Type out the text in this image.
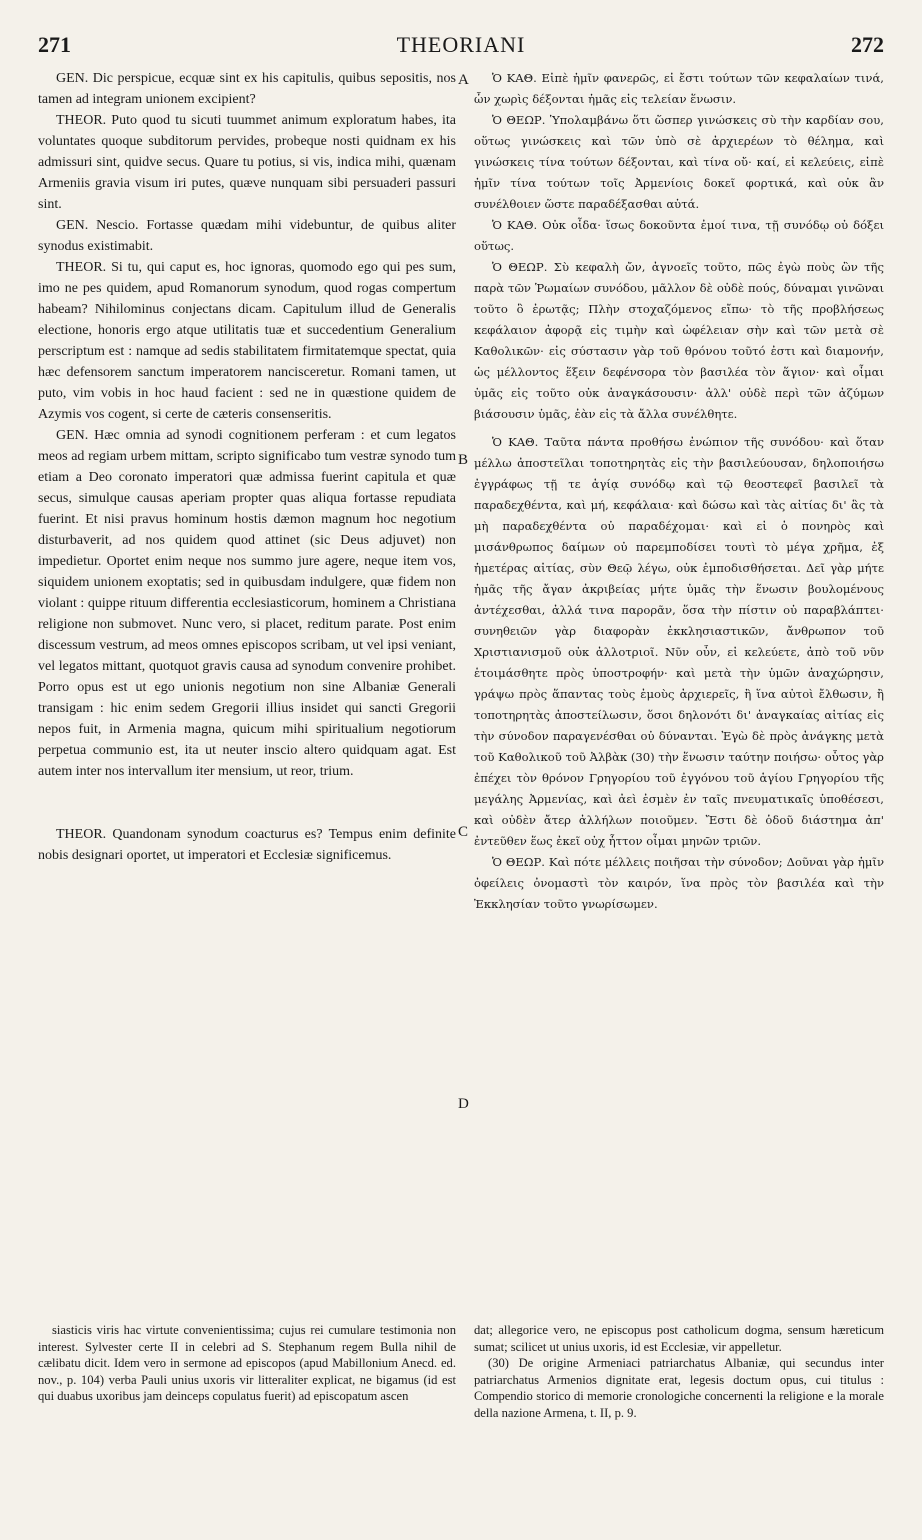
271	THEORIANI	272

GEN. Dic perspicue, ecquæ sint ex his capitulis, quibus sepositis, nos tamen ad integram unionem excipient?

THEOR. Puto quod tu sicuti tuummet animum exploratum habes, ita voluntates quoque subditorum pervides, probeque nosti quidnam ex his admissuri sint, quidve secus. Quare tu potius, si vis, indica mihi, quænam Armeniis gravia visum iri putes, quæve nunquam sibi persuaderi passuri sint.

GEN. Nescio. Fortasse quædam mihi videbuntur, de quibus aliter synodus existimabit.

THEOR. Si tu, qui caput es, hoc ignoras, quomodo ego qui pes sum, imo ne pes quidem, apud Romanorum synodum, quod rogas compertum habeam? Nihilominus conjectans dicam. Capitulum illud de Generalis electione, honoris ergo atque utilitatis tuæ et succedentium Generalium perscriptum est : namque ad sedis stabilitatem firmitatemque spectat, quia hæc defensorem sanctum imperatorem nancisceretur. Romani tamen, ut puto, vim vobis in hoc haud facient : sed ne in quæstione quidem de Azymis vos cogent, si certe de cæteris consenseritis.

GEN. Hæc omnia ad synodi cognitionem perferam : et cum legatos meos ad regiam urbem mittam, scripto significabo tum vestræ synodo tum etiam a Deo coronato imperatori quæ admissa fuerint capitula et quæ secus, simulque causas aperiam propter quas aliqua fortasse repudiata fuerint. Et nisi pravus hominum hostis dæmon magnum hoc negotium disturbaverit, ad nos quidem quod attinet (sic Deus adjuvet) non impedietur. Oportet enim neque nos summo jure agere, neque item vos, siquidem unionem exoptatis; sed in quibusdam indulgere, quæ fidem non violant : quippe rituum differentia ecclesiasticorum, hominem a Christiana religione non submovet. Nunc vero, si placet, reditum parate. Post enim discessum vestrum, ad meos omnes episcopos scribam, ut vel ipsi veniant, vel legatos mittant, quotquot gravis causa ad synodum convenire prohibet. Porro opus est ut ego unionis negotium non sine Albaniæ Generali transigam : hic enim sedem Gregorii illius insidet qui sancti Gregorii nepos fuit, in Armenia magna, quicum mihi spiritualium negotiorum perpetua communio est, ita ut neuter inscio altero quidquam agat. Est autem inter nos intervallum iter mensium, ut reor, trium.

THEOR. Quandonam synodum coacturus es? Tempus enim definite nobis designari oportet, ut imperatori et Ecclesiæ significemus.

A
B
C
D

Ὁ ΚΑΘ. Εἰπὲ ἡμῖν φανερῶς, εἰ ἔστι τούτων τῶν κεφαλαίων τινά, ὧν χωρὶς δέξονται ἡμᾶς εἰς τελείαν ἕνωσιν.

Ὁ ΘΕΩΡ. Ὑπολαμβάνω ὅτι ὥσπερ γινώσκεις σὺ τὴν καρδίαν σου, οὕτως γινώσκεις καὶ τῶν ὑπὸ σὲ ἀρχιερέων τὸ θέλημα, καὶ γινώσκεις τίνα τούτων δέξονται, καὶ τίνα οὔ· καί, εἰ κελεύεις, εἰπὲ ἡμῖν τίνα τούτων τοῖς Ἀρμενίοις δοκεῖ φορτικά, καὶ οὐκ ἂν συνέλθοιεν ὥστε παραδέξασθαι αὐτά.

Ὁ ΚΑΘ. Οὐκ οἶδα· ἴσως δοκοῦντα ἐμοί τινα, τῇ συνόδῳ οὐ δόξει οὕτως.

Ὁ ΘΕΩΡ. Σὺ κεφαλὴ ὤν, ἀγνοεῖς τοῦτο, πῶς ἐγὼ ποὺς ὢν τῆς παρὰ τῶν Ῥωμαίων συνόδου, μᾶλλον δὲ οὐδὲ πούς, δύναμαι γινῶναι τοῦτο ὃ ἐρωτᾷς; Πλὴν στοχαζόμενος εἴπω· τὸ τῆς προβλήσεως κεφάλαιον ἀφορᾷ εἰς τιμὴν καὶ ὠφέλειαν σὴν καὶ τῶν μετὰ σὲ Καθολικῶν· εἰς σύστασιν γὰρ τοῦ θρόνου τοῦτό ἐστι καὶ διαμονήν, ὡς μέλλοντος ἕξειν δεφένσορα τὸν βασιλέα τὸν ἅγιον· καὶ οἶμαι ὑμᾶς εἰς τοῦτο οὐκ ἀναγκάσουσιν· ἀλλ' οὐδὲ περὶ τῶν ἀζύμων βιάσουσιν ὑμᾶς, ἐὰν εἰς τὰ ἄλλα συνέλθητε.

Ὁ ΚΑΘ. Ταῦτα πάντα προθήσω ἐνώπιον τῆς συνόδου· καὶ ὅταν μέλλω ἀποστεῖλαι τοποτηρητὰς εἰς τὴν βασιλεύουσαν, δηλοποιήσω ἐγγράφως τῇ τε ἁγίᾳ συνόδῳ καὶ τῷ θεοστεφεῖ βασιλεῖ τὰ παραδεχθέντα, καὶ μή, κεφάλαια· καὶ δώσω καὶ τὰς αἰτίας δι' ἃς τὰ μὴ παραδεχθέντα οὐ παραδέχομαι· καὶ εἰ ὁ πονηρὸς καὶ μισάνθρωπος δαίμων οὐ παρεμποδίσει τουτὶ τὸ μέγα χρῆμα, ἐξ ἡμετέρας αἰτίας, σὺν Θεῷ λέγω, οὐκ ἐμποδισθήσεται. Δεῖ γὰρ μήτε ἡμᾶς τῆς ἄγαν ἀκριβείας μήτε ὑμᾶς τὴν ἕνωσιν βουλομένους ἀντέχεσθαι, ἀλλά τινα παρορᾶν, ὅσα τὴν πίστιν οὐ παραβλάπτει· συνηθειῶν γὰρ διαφορὰν ἐκκλησιαστικῶν, ἄνθρωπον τοῦ Χριστιανισμοῦ οὐκ ἀλλοτριοῖ. Νῦν οὖν, εἰ κελεύετε, ἀπὸ τοῦ νῦν ἑτοιμάσθητε πρὸς ὑποστροφήν· καὶ μετὰ τὴν ὑμῶν ἀναχώρησιν, γράψω πρὸς ἅπαντας τοὺς ἐμοὺς ἀρχιερεῖς, ἢ ἵνα αὐτοὶ ἔλθωσιν, ἢ τοποτηρητὰς ἀποστείλωσιν, ὅσοι δηλονότι δι' ἀναγκαίας αἰτίας εἰς τὴν σύνοδον παραγενέσθαι οὐ δύνανται. Ἐγὼ δὲ πρὸς ἀνάγκης μετὰ τοῦ Καθολικοῦ τοῦ Ἀλβὰκ (30) τὴν ἕνωσιν ταύτην ποιήσω· οὗτος γὰρ ἐπέχει τὸν θρόνον Γρηγορίου τοῦ ἐγγόνου τοῦ ἁγίου Γρηγορίου τῆς μεγάλης Ἀρμενίας, καὶ ἀεὶ ἐσμὲν ἐν ταῖς πνευματικαῖς ὑποθέσεσι, καὶ οὐδὲν ἄτερ ἀλλήλων ποιοῦμεν. Ἔστι δὲ ὁδοῦ διάστημα ἀπ' ἐντεῦθεν ἕως ἐκεῖ οὐχ ἧττον οἶμαι μηνῶν τριῶν.

Ὁ ΘΕΩΡ. Καὶ πότε μέλλεις ποιῆσαι τὴν σύνοδον; Δοῦναι γὰρ ἡμῖν ὀφείλεις ὀνομαστὶ τὸν καιρόν, ἵνα πρὸς τὸν βασιλέα καὶ τὴν Ἐκκλησίαν τοῦτο γνωρίσωμεν.

siasticis viris hac virtute convenientissima; cujus rei cumulare testimonia non interest. Sylvester certe II in celebri ad S. Stephanum regem Bulla nihil de cælibatu dicit. Idem vero in sermone ad episcopos (apud Mabillonium Anecd. ed. nov., p. 104) verba Pauli unius uxoris vir litteraliter explicat, ne bigamus (id est qui duabus uxoribus jam deinceps copulatus fuerit) ad episcopatum ascen

dat; allegorice vero, ne episcopus post catholicum dogma, sensum hæreticum sumat; scilicet ut unius uxoris, id est Ecclesiæ, vir appelletur.

(30) De origine Armeniaci patriarchatus Albaniæ, qui secundus inter patriarchatus Armenios dignitate erat, legesis doctum opus, cui titulus : Compendio storico di memorie cronologiche concernenti la religione e la morale della nazione Armena, t. II, p. 9.
